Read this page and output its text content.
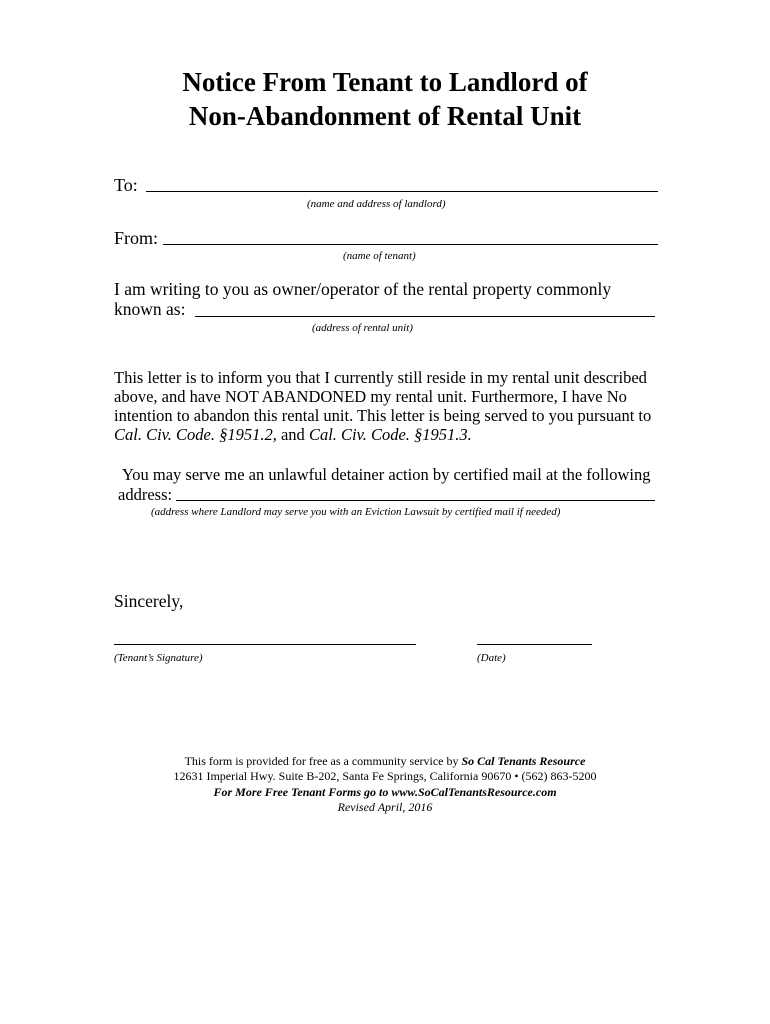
Notice From Tenant to Landlord of
Non-Abandonment of Rental Unit
To:
(name and address of landlord)
From:
(name of tenant)
I am writing to you as owner/operator of the rental property commonly
known as:
(address of rental unit)
This letter is to inform you that I currently still reside in my rental unit described
above, and have NOT ABANDONED my rental unit. Furthermore, I have No
intention to abandon this rental unit. This letter is being served to you pursuant to
Cal. Civ. Code. §1951.2, and Cal. Civ. Code. §1951.3.
You may serve me an unlawful detainer action by certified mail at the following
address:
(address where Landlord may serve you with an Eviction Lawsuit by certified mail if needed)
Sincerely,
(Tenant’s Signature)	(Date)
This form is provided for free as a community service by So Cal Tenants Resource
12631 Imperial Hwy. Suite B-202, Santa Fe Springs, California 90670 • (562) 863-5200
For More Free Tenant Forms go to www.SoCalTenantsResource.com
Revised April, 2016
